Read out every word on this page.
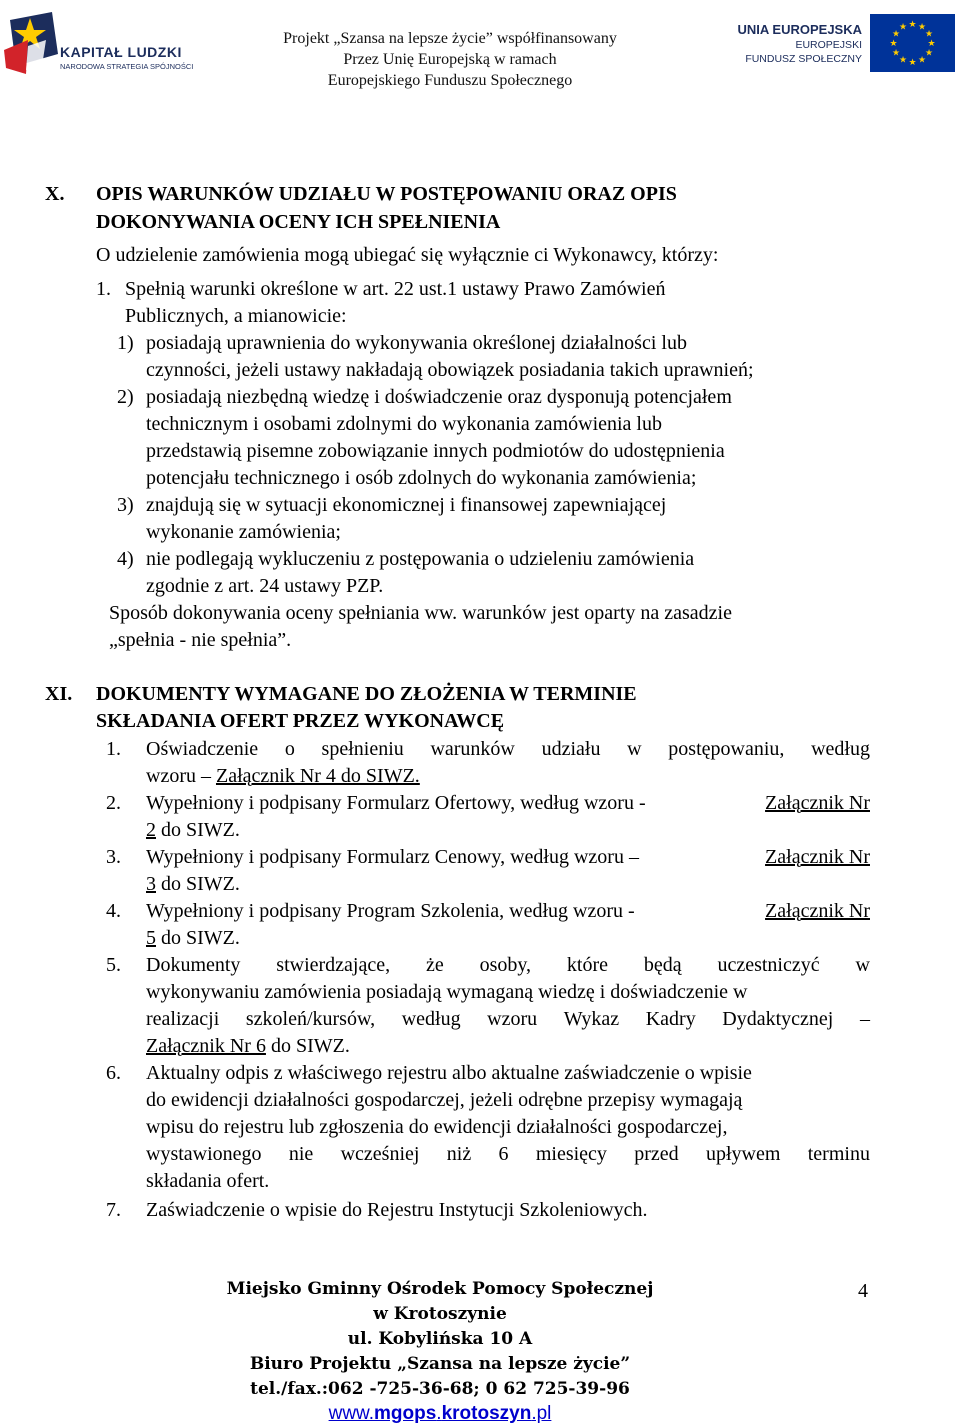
KAPITAŁ LUDZKI
NARODOWA STRATEGIA SPÓJNOŚCI
Projekt „Szansa na lepsze życie” współfinansowany
Przez Unię Europejską w ramach
Europejskiego Funduszu Społecznego
UNIA EUROPEJSKA
EUROPEJSKI
FUNDUSZ SPOŁECZNY
★ ★
★
★
★
★
★
★
★
★
★
★
X. OPIS WARUNKÓW UDZIAŁU W POSTĘPOWANIU ORAZ OPIS
DOKONYWANIA OCENY ICH SPEŁNIENIA
O udzielenie zamówienia mogą ubiegać się wyłącznie ci Wykonawcy, którzy:
1. Spełnią warunki określone w art. 22 ust.1 ustawy Prawo Zamówień
Publicznych, a mianowicie:
1) posiadają uprawnienia do wykonywania określonej działalności lub
czynności, jeżeli ustawy nakładają obowiązek posiadania takich uprawnień;
2) posiadają niezbędną wiedzę i doświadczenie oraz dysponują potencjałem
technicznym i osobami zdolnymi do wykonania zamówienia lub
przedstawią pisemne zobowiązanie innych podmiotów do udostępnienia
potencjału technicznego i osób zdolnych do wykonania zamówienia;
3) znajdują się w sytuacji ekonomicznej i finansowej zapewniającej
wykonanie zamówienia;
4) nie podlegają wykluczeniu z postępowania o udzieleniu zamówienia
zgodnie z art. 24 ustawy PZP.
Sposób dokonywania oceny spełniania ww. warunków jest oparty na zasadzie
„spełnia - nie spełnia”.
XI. DOKUMENTY WYMAGANE DO ZŁOŻENIA W TERMINIE
SKŁADANIA OFERT PRZEZ WYKONAWCĘ
1. Oświadczenie o spełnieniu warunków udziału w postępowaniu, według
wzoru – Załącznik Nr 4 do SIWZ.
2. Wypełniony i podpisany Formularz Ofertowy, według wzoru -	Załącznik Nr
2 do SIWZ.
3. Wypełniony i podpisany Formularz Cenowy, według wzoru –	Załącznik Nr
3 do SIWZ.
4. Wypełniony i podpisany Program Szkolenia, według wzoru -	Załącznik Nr
5 do SIWZ.
5. Dokumenty stwierdzające, że osoby, które będą uczestniczyć w
wykonywaniu zamówienia posiadają wymaganą wiedzę i doświadczenie w
realizacji szkoleń/kursów, według wzoru Wykaz Kadry Dydaktycznej –
Załącznik Nr 6 do SIWZ.
6. Aktualny odpis z właściwego rejestru albo aktualne zaświadczenie o wpisie
do ewidencji działalności gospodarczej, jeżeli odrębne przepisy wymagają
wpisu do rejestru lub zgłoszenia do ewidencji działalności gospodarczej,
wystawionego nie wcześniej niż 6 miesięcy przed upływem terminu
składania ofert.
7. Zaświadczenie o wpisie do Rejestru Instytucji Szkoleniowych.
4
Miejsko Gminny Ośrodek Pomocy Społecznej
w Krotoszynie
ul. Kobylińska 10 A
Biuro Projektu „Szansa na lepsze życie”
tel./fax.:062 -725-36-68; 0 62 725-39-96
www.mgops.krotoszyn.pl
